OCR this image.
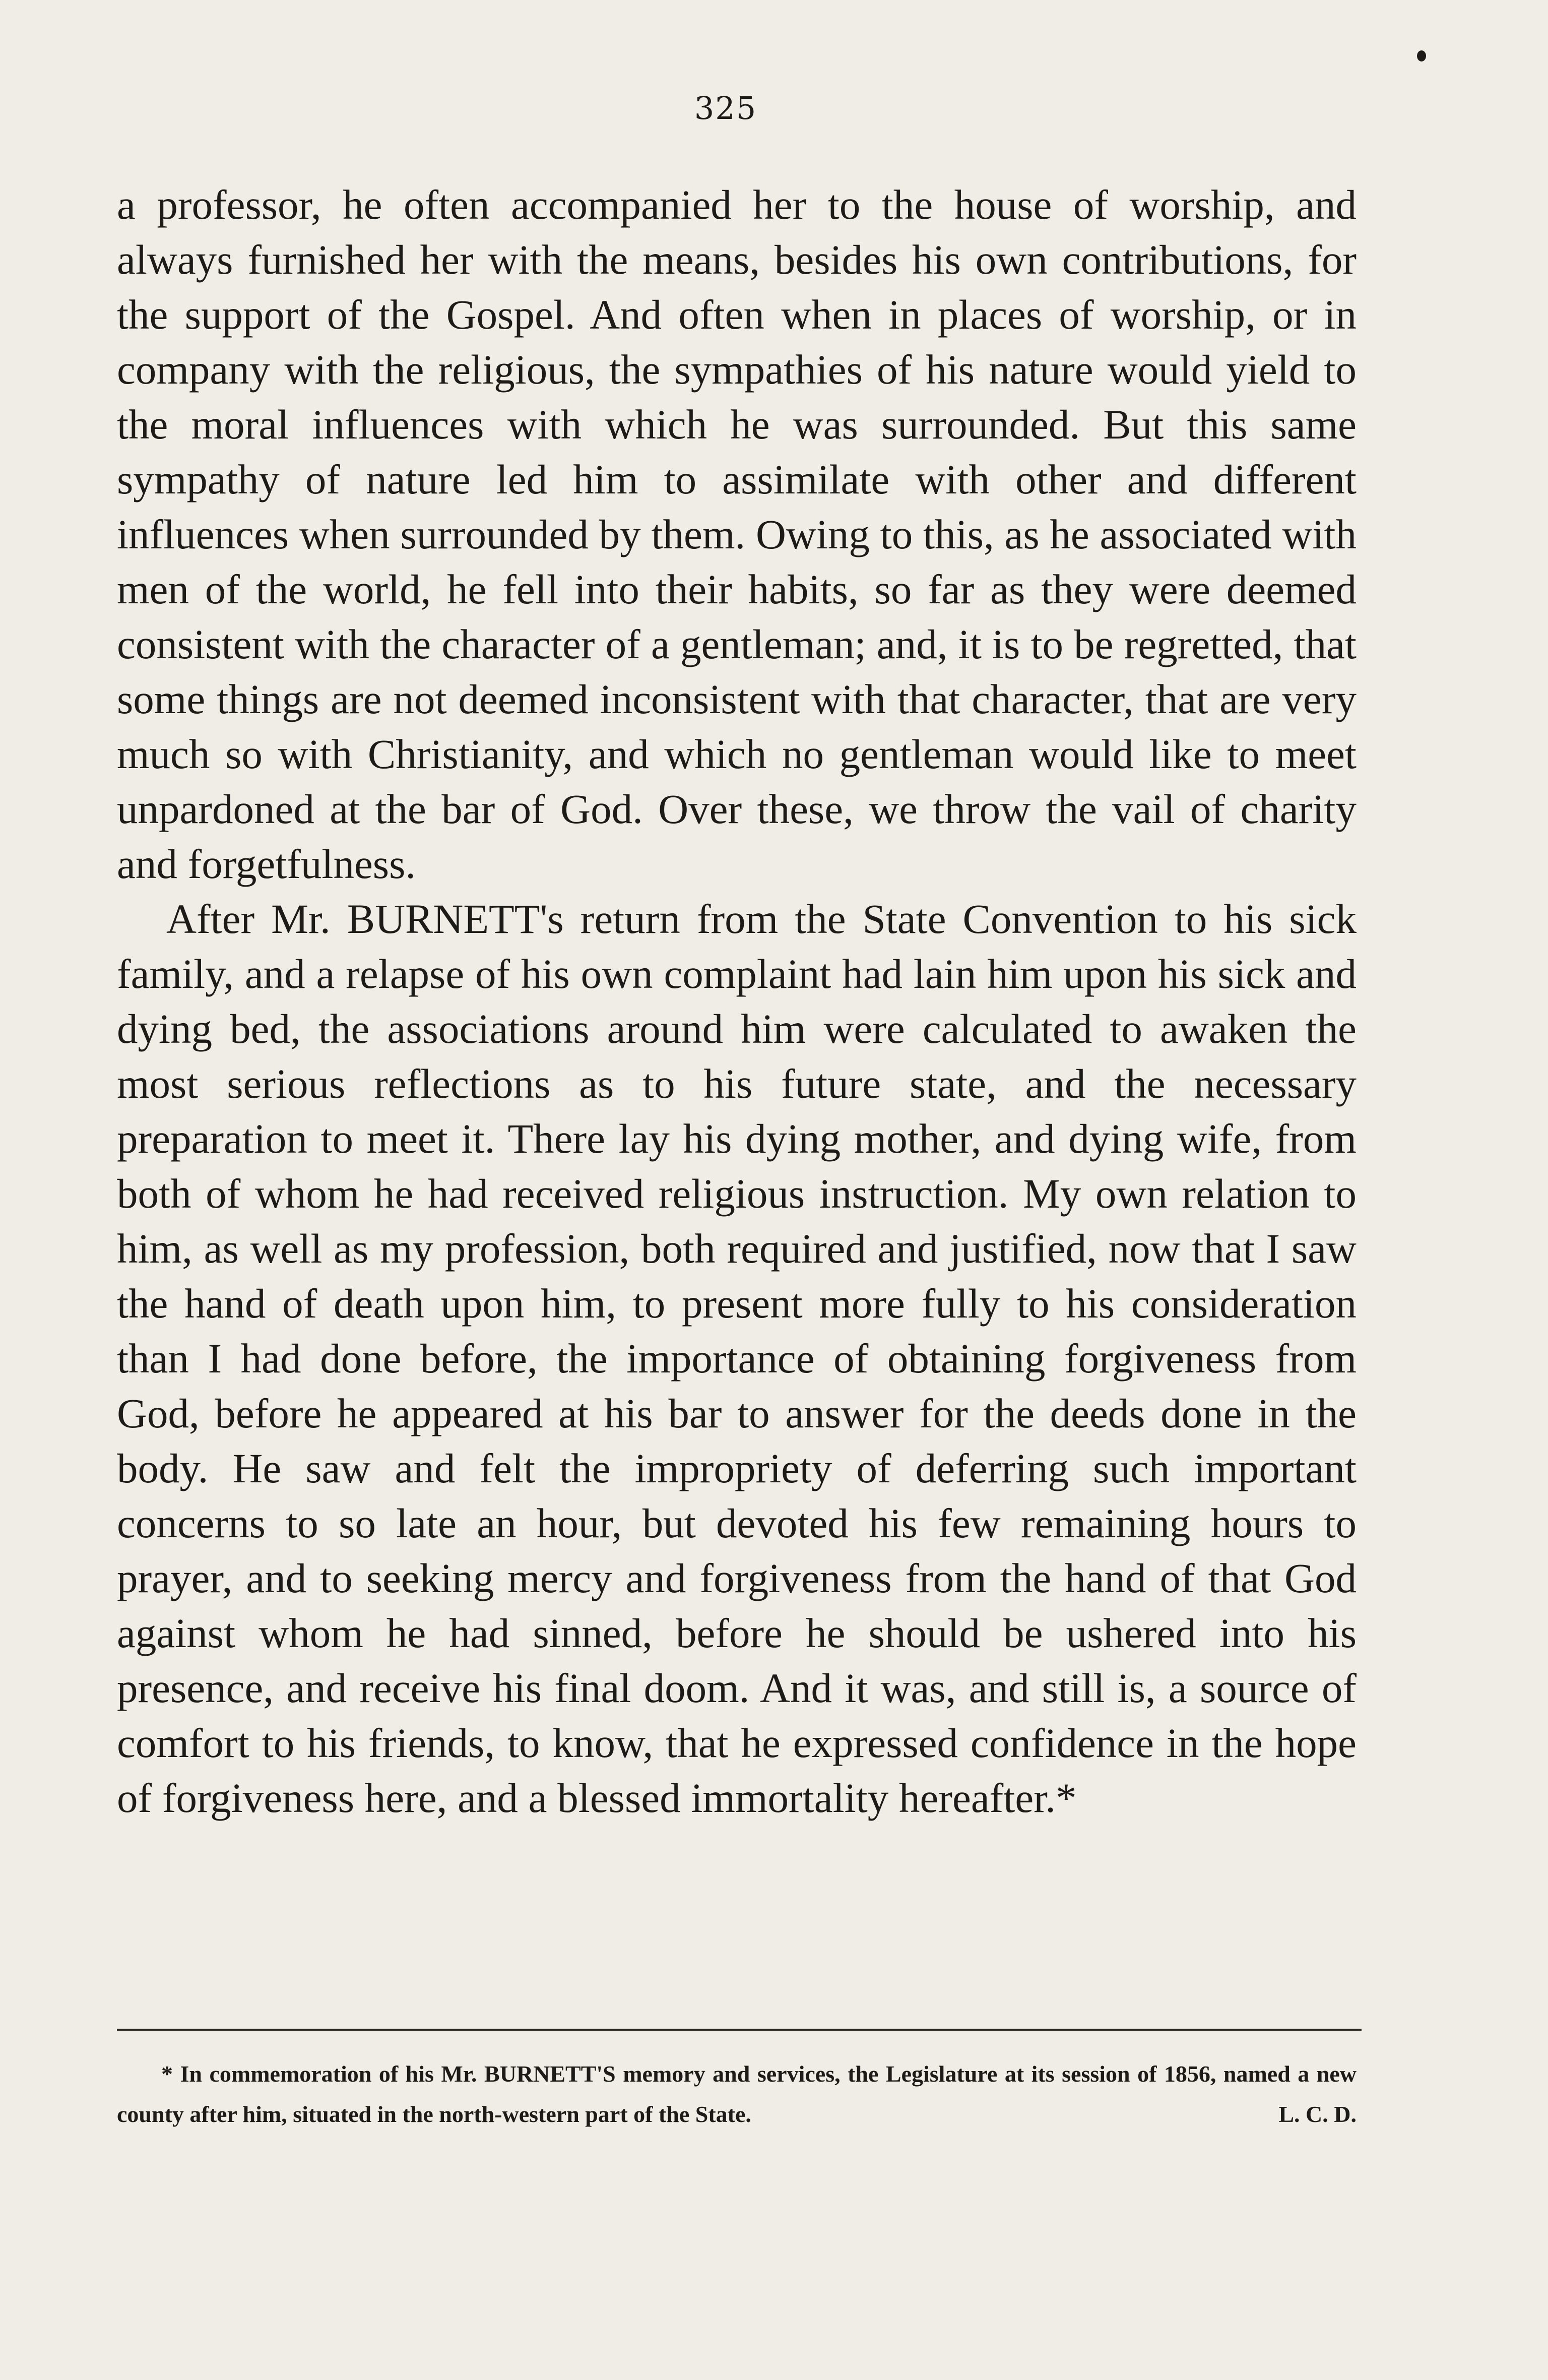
325

a professor, he often accompanied her to the house of worship, and always furnished her with the means, besides his own contributions, for the support of the Gospel. And often when in places of worship, or in company with the religious, the sympathies of his nature would yield to the moral influences with which he was surrounded. But this same sympathy of nature led him to assimilate with other and different influences when surrounded by them. Owing to this, as he associated with men of the world, he fell into their habits, so far as they were deemed consistent with the character of a gentleman; and, it is to be regretted, that some things are not deemed inconsistent with that character, that are very much so with Christianity, and which no gentleman would like to meet unpardoned at the bar of God. Over these, we throw the vail of charity and forgetfulness.

After Mr. BURNETT's return from the State Convention to his sick family, and a relapse of his own complaint had lain him upon his sick and dying bed, the associations around him were calculated to awaken the most serious reflections as to his future state, and the necessary preparation to meet it. There lay his dying mother, and dying wife, from both of whom he had received religious instruction. My own relation to him, as well as my profession, both required and justified, now that I saw the hand of death upon him, to present more fully to his consideration than I had done before, the importance of obtaining forgiveness from God, before he appeared at his bar to answer for the deeds done in the body. He saw and felt the impropriety of deferring such important concerns to so late an hour, but devoted his few remaining hours to prayer, and to seeking mercy and forgiveness from the hand of that God against whom he had sinned, before he should be ushered into his presence, and receive his final doom. And it was, and still is, a source of comfort to his friends, to know, that he expressed confidence in the hope of forgiveness here, and a blessed immortality hereafter.*

* In commemoration of his Mr. BURNETT'S memory and services, the Legislature at its session of 1856, named a new county after him, situated in the north-western part of the State.	L. C. D.
